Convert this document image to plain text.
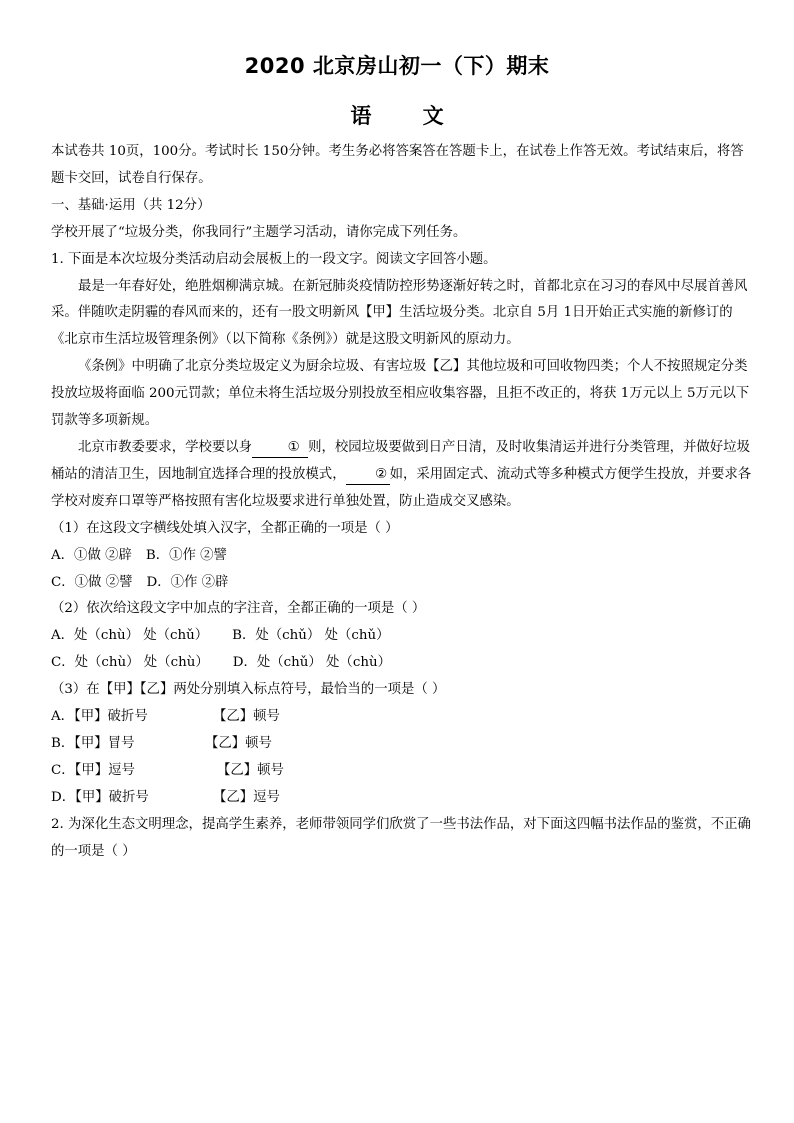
2020 北京房山初一（下）期末
语 文

本试卷共 10页，100分。考试时长 150分钟。考生务必将答案答在答题卡上，在试卷上作答无效。考试结束后，将答题卡交回，试卷自行保存。

一、基础·运用（共 12分）

学校开展了“垃圾分类，你我同行”主题学习活动，请你完成下列任务。

1. 下面是本次垃圾分类活动启动会展板上的一段文字。阅读文字回答小题。

最是一年春好处，绝胜烟柳满京城。在新冠肺炎疫情防控形势逐渐好转之时，首都北京在习习的春风中尽展首善风采。伴随吹走阴霾的春风而来的，还有一股文明新风【甲】生活垃圾分类。北京自 5月 1日开始正式实施的新修订的《北京市生活垃圾管理条例》（以下简称《条例》）就是这股文明新风的原动力。

《条例》中明确了北京分类垃圾定义为厨余垃圾、有害垃圾【乙】其他垃圾和可回收物四类；个人不按照规定分类投放垃圾将面临 200元罚款；单位未将生活垃圾分别投放至相应收集容器，且拒不改正的，将获 1万元以上 5万元以下罚款等多项新规。

北京市教委要求，学校要以身	① 则，校园垃圾要做到日产日清，及时收集清运并进行分类管理，并做好垃圾桶站的清洁卫生，因地制宜选择合理的投放模式， ② 如，采用固定式、流动式等多种模式方便学生投放，并要求各学校对废弃口罩等严格按照有害化垃圾要求进行单独处置，防止造成交叉感染。

（1）在这段文字横线处填入汉字，全都正确的一项是（ ）

A．①做 ②辟 B．①作 ②譬

C．①做 ②譬 D．①作 ②辟

（2）依次给这段文字中加点的字注音，全都正确的一项是（ ）

A．处（chù） 处（chǔ） B．处（chǔ） 处（chǔ）

C．处（chù） 处（chù） D．处（chǔ） 处（chù）

（3）在【甲】【乙】两处分别填入标点符号，最恰当的一项是（ ）

A．【甲】破折号	【乙】顿号

B．【甲】冒号	【乙】顿号

C．【甲】逗号	【乙】顿号

D．【甲】破折号	【乙】逗号

2. 为深化生态文明理念，提高学生素养，老师带领同学们欣赏了一些书法作品，对下面这四幅书法作品的鉴赏，不正确的一项是（ ）
